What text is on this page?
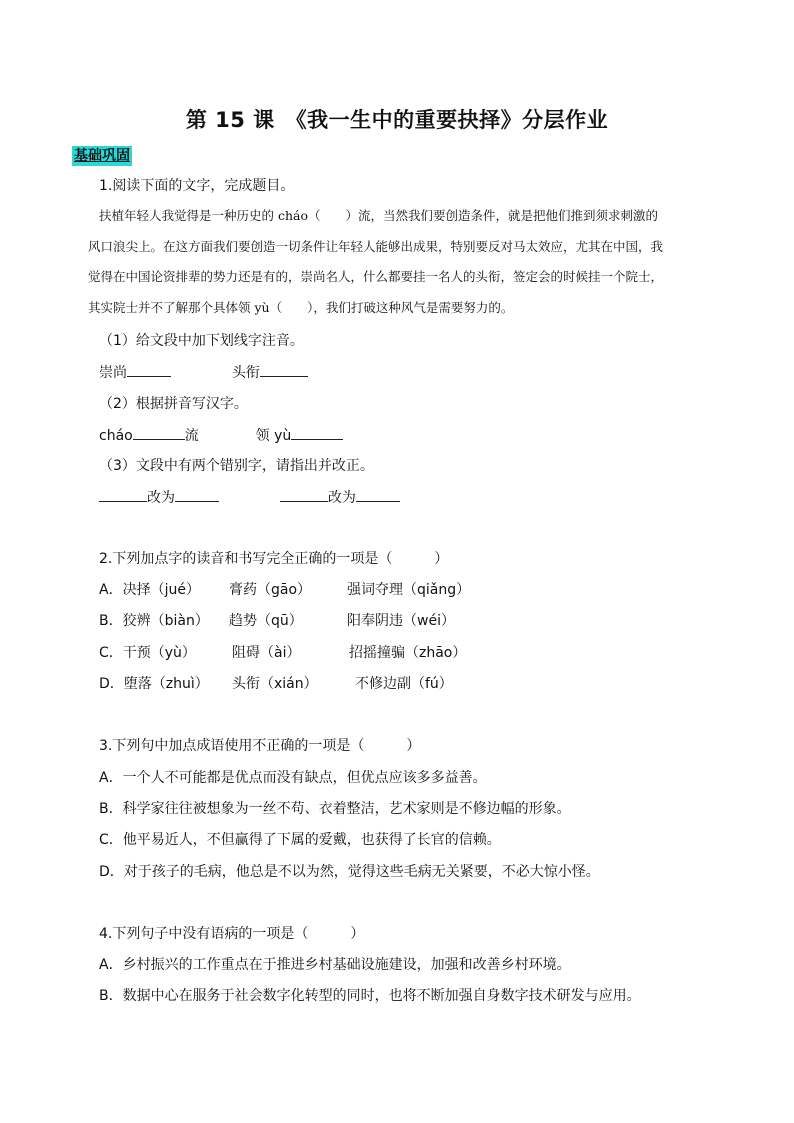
第 15 课　《我一生中的重要抉择》分层作业
基础巩固
1.阅读下面的文字，完成题目。
扶植年轻人我觉得是一种历史的 cháo（　　）流，当然我们要创造条件，就是把他们推到须求刺激的
风口浪尖上。在这方面我们要创造一切条件让年轻人能够出成果，特别要反对马太效应，尤其在中国，我
觉得在中国论资排辈的势力还是有的，崇尚名人，什么都要挂一名人的头衔，签定会的时候挂一个院士，
其实院士并不了解那个具体领 yù（　　），我们打破这种风气是需要努力的。
（1）给文段中加下划线字注音。
崇尚	头衔
（2）根据拼音写汉字。
cháo	流	领 yù
（3）文段中有两个错别字，请指出并改正。
改为	改为
2.下列加点字的读音和书写完全正确的一项是（　　　）
A．决择（jué） 膏药（gāo）	强词夺理（qiǎng）
B．狡辨（biàn） 趋势（qū）	阳奉阴违（wéi）
C．干预（yù）	阻碍（ài）	招摇撞骗（zhāo）
D．堕落（zhuì） 头衔（xián）	不修边副（fú）
3.下列句中加点成语使用不正确的一项是（　　　）
A．一个人不可能都是优点而没有缺点，但优点应该多多益善。
B．科学家往往被想象为一丝不苟、衣着整洁，艺术家则是不修边幅的形象。
C．他平易近人，不但赢得了下属的爱戴，也获得了长官的信赖。
D．对于孩子的毛病，他总是不以为然，觉得这些毛病无关紧要，不必大惊小怪。
4.下列句子中没有语病的一项是（　　　）
A．乡村振兴的工作重点在于推进乡村基础设施建设，加强和改善乡村环境。
B．数据中心在服务于社会数字化转型的同时，也将不断加强自身数字技术研发与应用。
